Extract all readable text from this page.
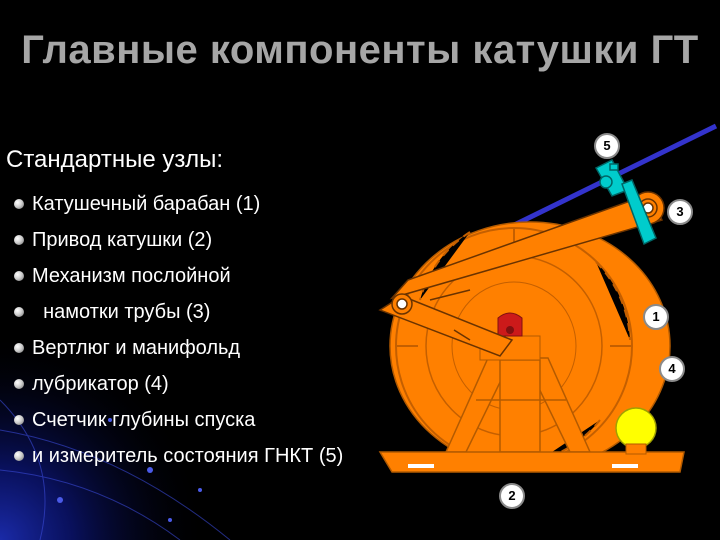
Главные компоненты катушки ГТ
Стандартные узлы:
Катушечный барабан (1)
Привод катушки (2)
Механизм послойной
намотки трубы (3)
Вертлюг и манифольд
лубрикатор (4)
Счетчик глубины спуска
и измеритель состояния ГНКТ (5)
5
3
1
4
2
